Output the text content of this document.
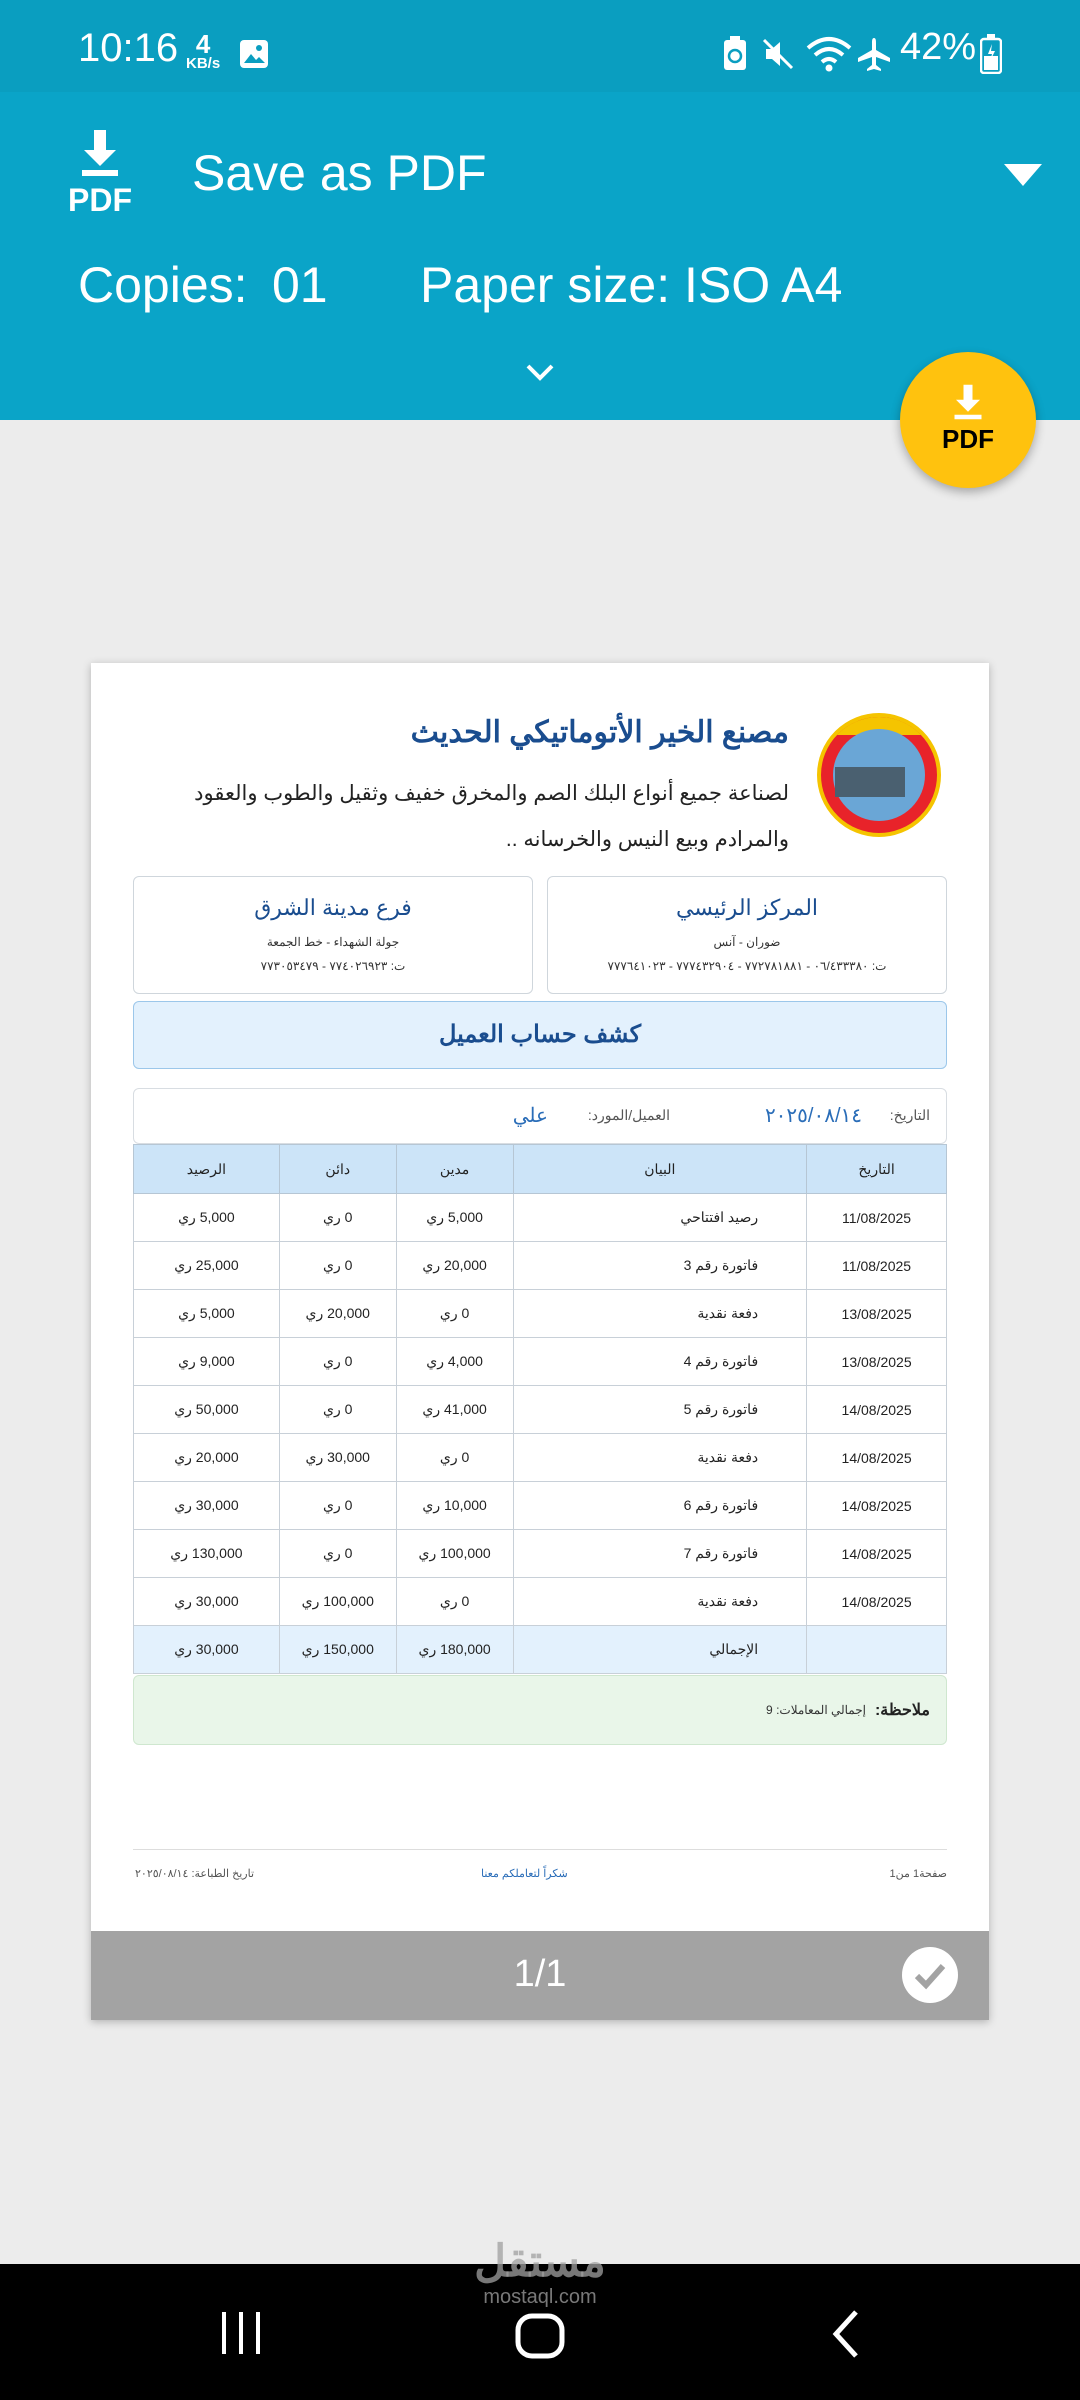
10:16 4
KB/s	42%
PDF Save as PDF
Copies: 01 Paper size: ISO A4
PDF
مصنع الخير الأتوماتيكي الحديث
لصناعة جميع أنواع البلك الصم والمخرق خفيف وثقيل والطوب والعقود والمرادم وبيع النيس والخرسانه ..
المركز الرئيسي
ضوران - آنس
ت: ٠٦/٤٣٣٣٨٠ - ٧٧٢٧٨١٨٨١ - ٧٧٧٤٣٢٩٠٤ - ٧٧٧٦٤١٠٢٣
فرع مدينة الشرق
جولة الشهداء - خط الجمعة
ت: ٧٧٤٠٢٦٩٢٣ - ٧٧٣٠٥٣٤٧٩
كشف حساب العميل
التاريخ:
٢٠٢٥/٠٨/١٤
العميل/المورد:
علي
التاريخ	البيان	مدين	دائن	الرصيد
11/08/2025	رصيد افتتاحي	5,000 ري	0 ري	5,000 ري
11/08/2025	فاتورة رقم 3	20,000 ري	0 ري	25,000 ري
13/08/2025	دفعة نقدية	0 ري	20,000 ري	5,000 ري
13/08/2025	فاتورة رقم 4	4,000 ري	0 ري	9,000 ري
14/08/2025	فاتورة رقم 5	41,000 ري	0 ري	50,000 ري
14/08/2025	دفعة نقدية	0 ري	30,000 ري	20,000 ري
14/08/2025	فاتورة رقم 6	10,000 ري	0 ري	30,000 ري
14/08/2025	فاتورة رقم 7	100,000 ري	0 ري	130,000 ري
14/08/2025	دفعة نقدية	0 ري	100,000 ري	30,000 ري
	الإجمالي	180,000 ري	150,000 ري	30,000 ري
ملاحظة:
إجمالي المعاملات: 9
صفحة1 من1
شكراً لتعاملكم معنا
تاريخ الطباعة: ٢٠٢٥/٠٨/١٤
1/1
مستقل
mostaql.com
